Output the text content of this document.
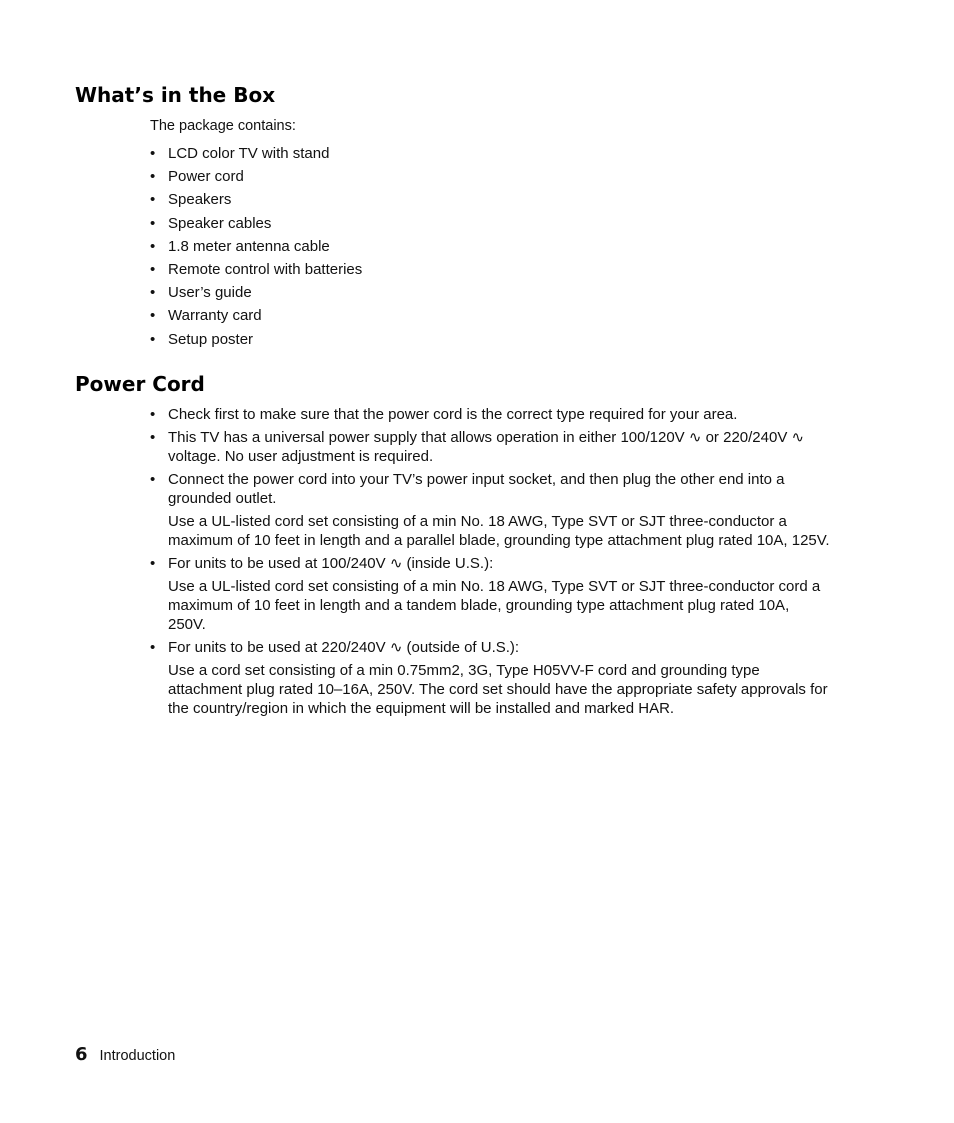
What’s in the Box

The package contains:

• LCD color TV with stand
• Power cord
• Speakers
• Speaker cables
• 1.8 meter antenna cable
• Remote control with batteries
• User’s guide
• Warranty card
• Setup poster
Power Cord
• Check first to make sure that the power cord is the correct type required for your area.
• This TV has a universal power supply that allows operation in either 100/120V ∿ or 220/240V ∿ voltage. No user adjustment is required.
• Connect the power cord into your TV’s power input socket, and then plug the other end into a grounded outlet.

Use a UL-listed cord set consisting of a min No. 18 AWG, Type SVT or SJT three-conductor a maximum of 10 feet in length and a parallel blade, grounding type attachment plug rated 10A, 125V.

• For units to be used at 100/240V ∿ (inside U.S.):

Use a UL-listed cord set consisting of a min No. 18 AWG, Type SVT or SJT three-conductor cord a maximum of 10 feet in length and a tandem blade, grounding type attachment plug rated 10A, 250V.

• For units to be used at 220/240V ∿ (outside of U.S.):

Use a cord set consisting of a min 0.75mm2, 3G, Type H05VV-F cord and grounding type attachment plug rated 10–16A, 250V. The cord set should have the appropriate safety approvals for the country/region in which the equipment will be installed and marked HAR.

6 Introduction
